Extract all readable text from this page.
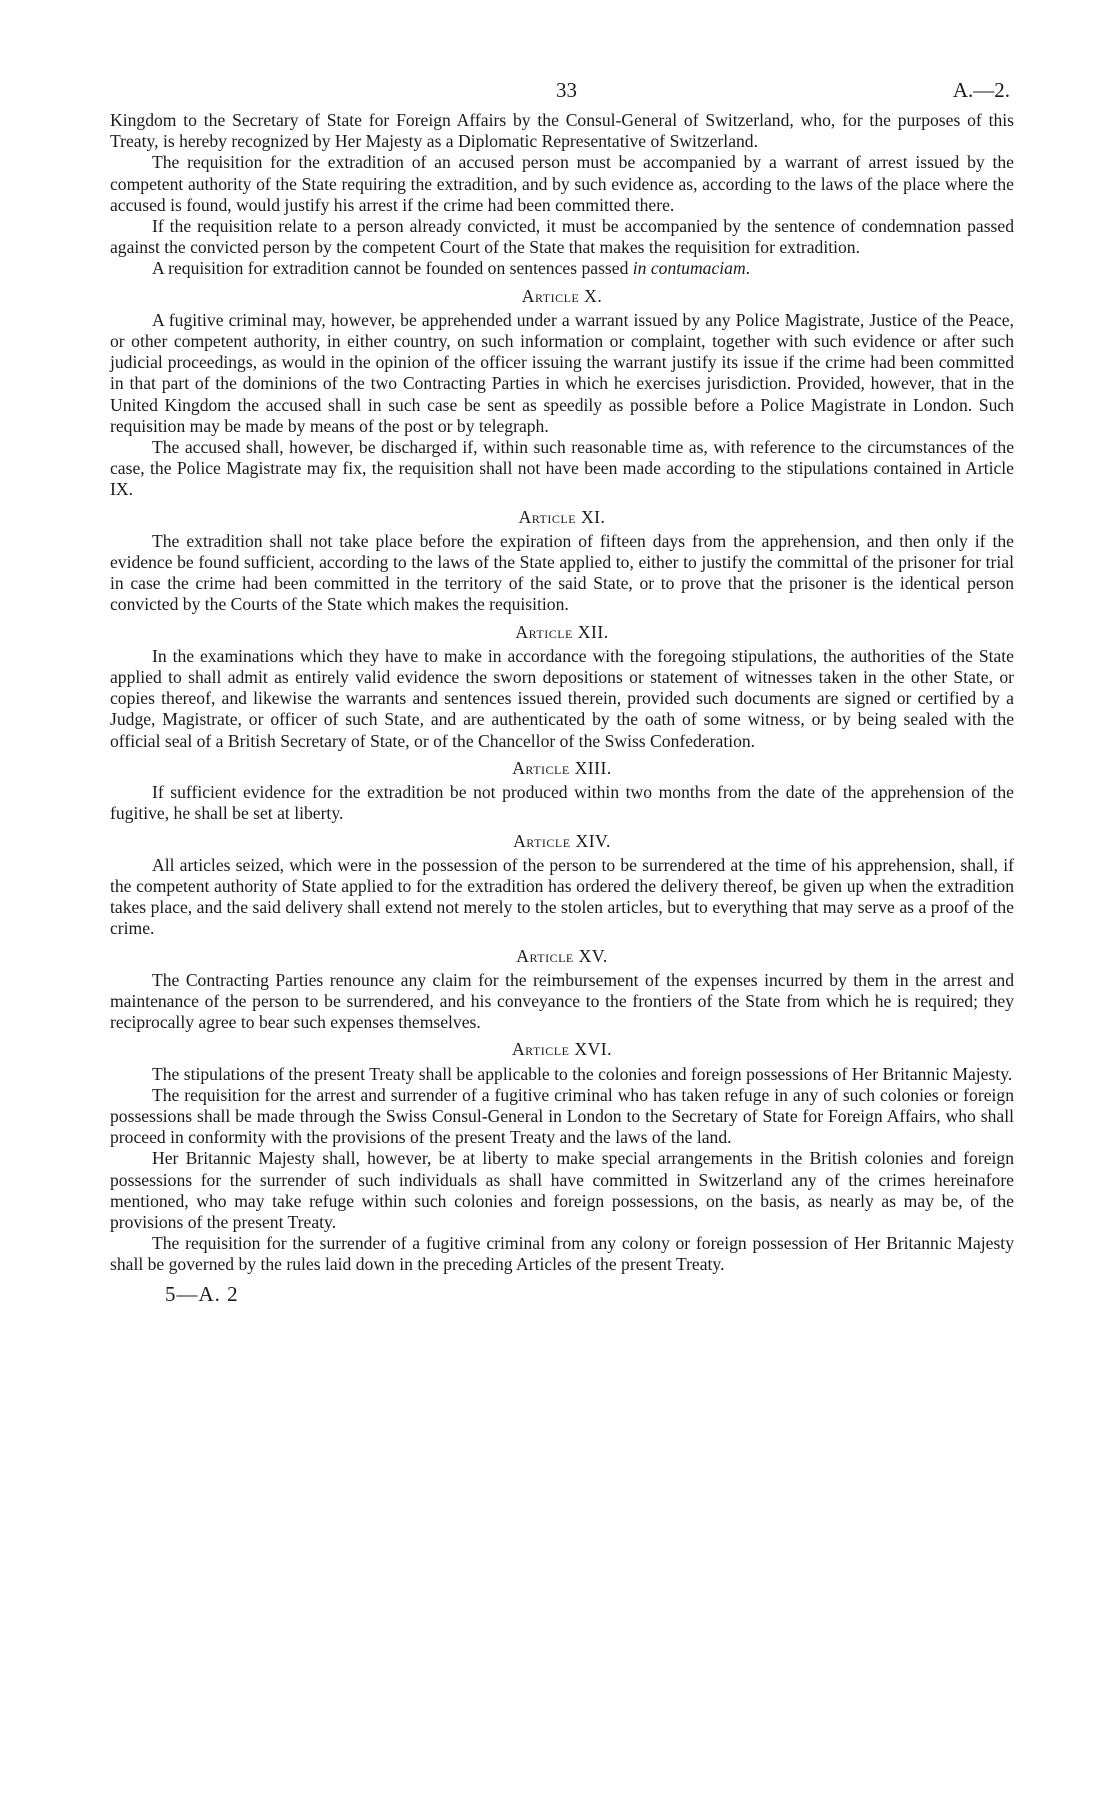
33	A.—2.

Kingdom to the Secretary of State for Foreign Affairs by the Consul-General of Switzerland, who, for the purposes of this Treaty, is hereby recognized by Her Majesty as a Diplomatic Representative of Switzerland.

The requisition for the extradition of an accused person must be accompanied by a warrant of arrest issued by the competent authority of the State requiring the extradition, and by such evidence as, according to the laws of the place where the accused is found, would justify his arrest if the crime had been committed there.

If the requisition relate to a person already convicted, it must be accompanied by the sentence of condemnation passed against the convicted person by the competent Court of the State that makes the requisition for extradition.

A requisition for extradition cannot be founded on sentences passed in contumaciam.

Article X.

A fugitive criminal may, however, be apprehended under a warrant issued by any Police Magistrate, Justice of the Peace, or other competent authority, in either country, on such information or complaint, together with such evidence or after such judicial proceedings, as would in the opinion of the officer issuing the warrant justify its issue if the crime had been committed in that part of the dominions of the two Contracting Parties in which he exercises jurisdiction. Provided, however, that in the United Kingdom the accused shall in such case be sent as speedily as possible before a Police Magistrate in London. Such requisition may be made by means of the post or by telegraph.

The accused shall, however, be discharged if, within such reasonable time as, with reference to the circumstances of the case, the Police Magistrate may fix, the requisition shall not have been made according to the stipulations contained in Article IX.

Article XI.

The extradition shall not take place before the expiration of fifteen days from the apprehension, and then only if the evidence be found sufficient, according to the laws of the State applied to, either to justify the committal of the prisoner for trial in case the crime had been committed in the territory of the said State, or to prove that the prisoner is the identical person convicted by the Courts of the State which makes the requisition.

Article XII.

In the examinations which they have to make in accordance with the foregoing stipulations, the authorities of the State applied to shall admit as entirely valid evidence the sworn depositions or statement of witnesses taken in the other State, or copies thereof, and likewise the warrants and sentences issued therein, provided such documents are signed or certified by a Judge, Magistrate, or officer of such State, and are authenticated by the oath of some witness, or by being sealed with the official seal of a British Secretary of State, or of the Chancellor of the Swiss Confederation.

Article XIII.

If sufficient evidence for the extradition be not produced within two months from the date of the apprehension of the fugitive, he shall be set at liberty.

Article XIV.

All articles seized, which were in the possession of the person to be surrendered at the time of his apprehension, shall, if the competent authority of State applied to for the extradition has ordered the delivery thereof, be given up when the extradition takes place, and the said delivery shall extend not merely to the stolen articles, but to everything that may serve as a proof of the crime.

Article XV.

The Contracting Parties renounce any claim for the reimbursement of the expenses incurred by them in the arrest and maintenance of the person to be surrendered, and his conveyance to the frontiers of the State from which he is required; they reciprocally agree to bear such expenses themselves.

Article XVI.

The stipulations of the present Treaty shall be applicable to the colonies and foreign possessions of Her Britannic Majesty.

The requisition for the arrest and surrender of a fugitive criminal who has taken refuge in any of such colonies or foreign possessions shall be made through the Swiss Consul-General in London to the Secretary of State for Foreign Affairs, who shall proceed in conformity with the provisions of the present Treaty and the laws of the land.

Her Britannic Majesty shall, however, be at liberty to make special arrangements in the British colonies and foreign possessions for the surrender of such individuals as shall have committed in Switzerland any of the crimes hereinafore mentioned, who may take refuge within such colonies and foreign possessions, on the basis, as nearly as may be, of the provisions of the present Treaty.

The requisition for the surrender of a fugitive criminal from any colony or foreign possession of Her Britannic Majesty shall be governed by the rules laid down in the preceding Articles of the present Treaty.

5—A. 2
